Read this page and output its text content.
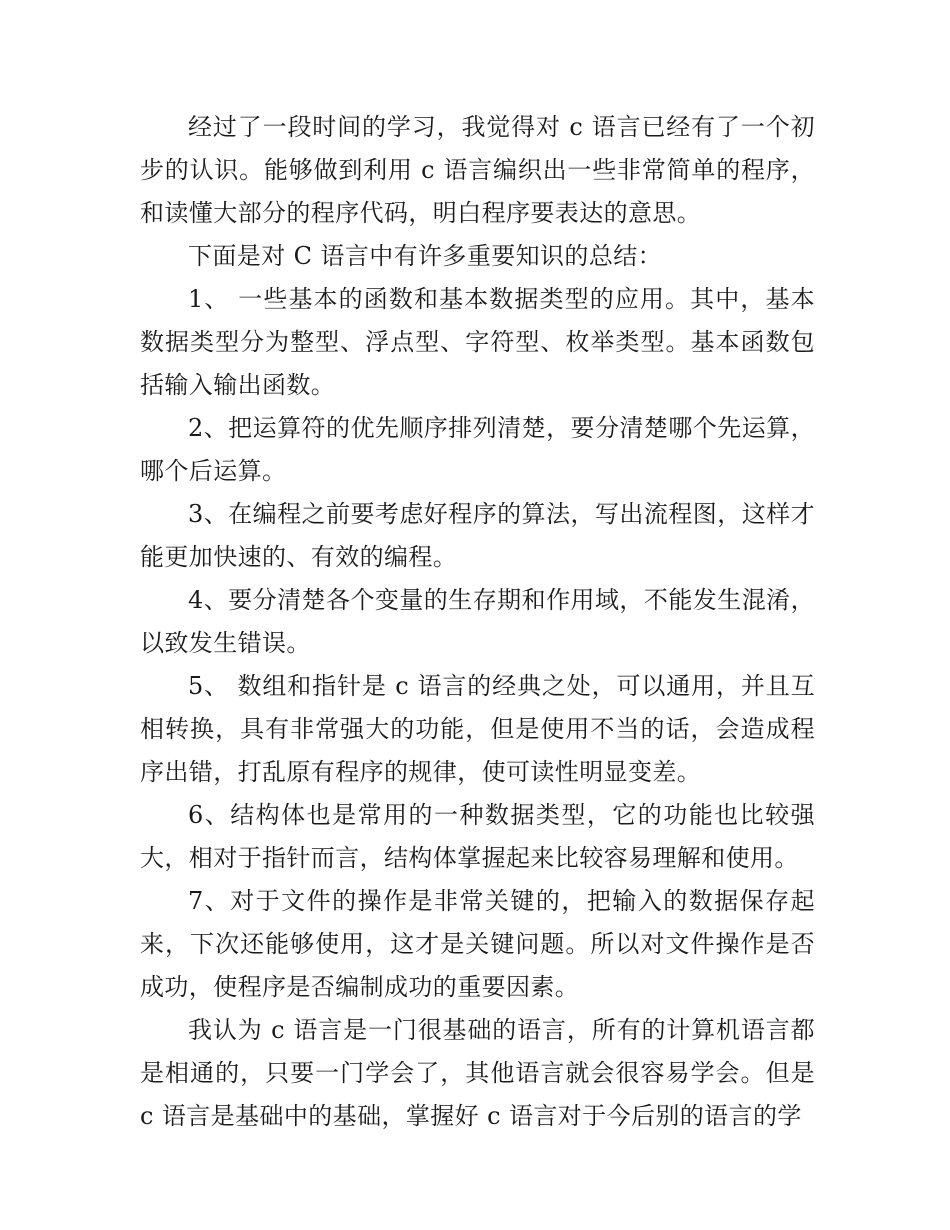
经过了一段时间的学习，我觉得对 c 语言已经有了一个初步的认识。能够做到利用 c 语言编织出一些非常简单的程序，和读懂大部分的程序代码，明白程序要表达的意思。

下面是对 C 语言中有许多重要知识的总结：

1、 一些基本的函数和基本数据类型的应用。其中，基本数据类型分为整型、浮点型、字符型、枚举类型。基本函数包括输入输出函数。

2、把运算符的优先顺序排列清楚，要分清楚哪个先运算，哪个后运算。

3、在编程之前要考虑好程序的算法，写出流程图，这样才能更加快速的、有效的编程。

4、要分清楚各个变量的生存期和作用域，不能发生混淆，以致发生错误。

5、 数组和指针是 c 语言的经典之处，可以通用，并且互相转换，具有非常强大的功能，但是使用不当的话，会造成程序出错，打乱原有程序的规律，使可读性明显变差。

6、结构体也是常用的一种数据类型，它的功能也比较强大，相对于指针而言，结构体掌握起来比较容易理解和使用。

7、对于文件的操作是非常关键的，把输入的数据保存起来，下次还能够使用，这才是关键问题。所以对文件操作是否成功，使程序是否编制成功的重要因素。

我认为 c 语言是一门很基础的语言，所有的计算机语言都是相通的，只要一门学会了，其他语言就会很容易学会。但是 c 语言是基础中的基础，掌握好 c 语言对于今后别的语言的学
